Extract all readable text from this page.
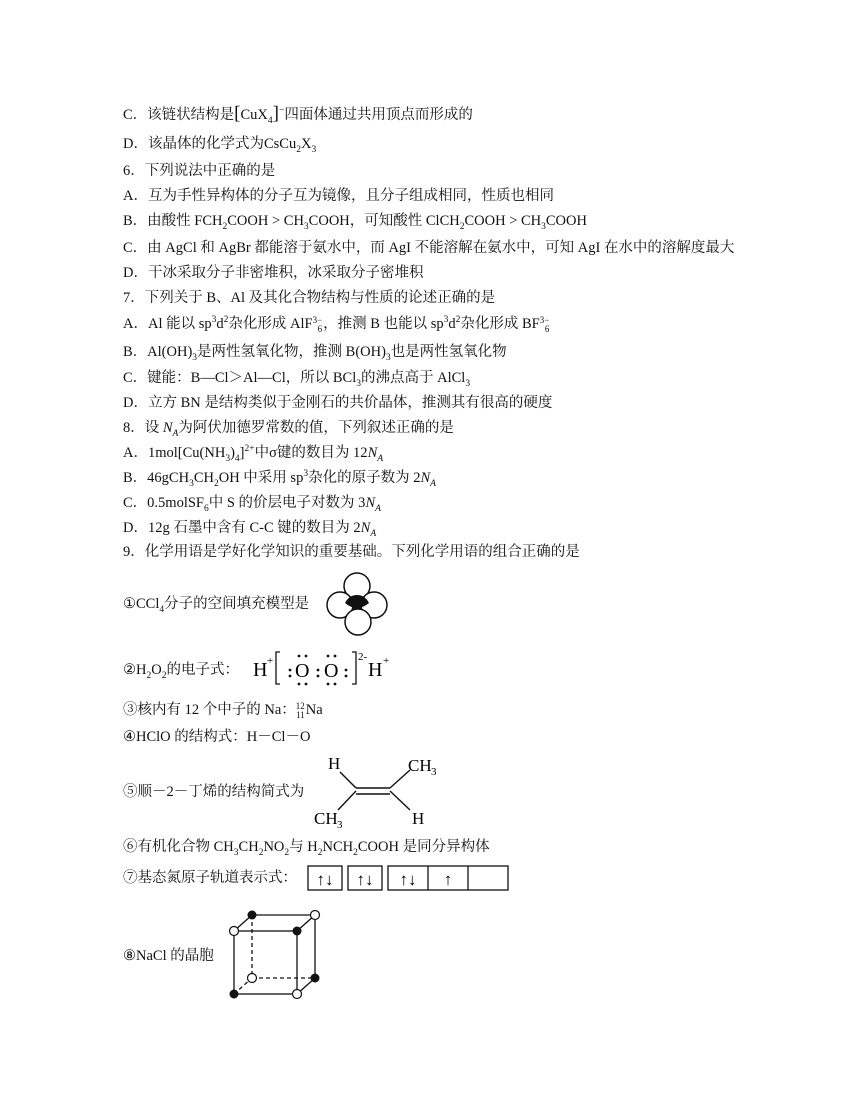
C．该链状结构是[CuX$_4$]−四面体通过共用顶点而形成的
D．该晶体的化学式为$CsCu_2X_3$
6．下列说法中正确的是
A．互为手性异构体的分子互为镜像，且分子组成相同，性质也相同
B．由酸性 $FCH_2COOH$ > $CH_3COOH$，可知酸性 ClCH$_2$COOH > $CH_3COOH$
C．由 AgCl 和 AgBr 都能溶于氨水中，而 AgI 不能溶解在氨水中，可知 AgI 在水中的溶解度最大
D．干冰采取分子非密堆积，冰采取分子密堆积
7．下列关于 B、Al 及其化合物结构与性质的论述正确的是
A．Al 能以 $sp^3d^2$杂化形成 AlF3−
6，推测 B 也能以 $sp^3d^2$杂化形成 BF3−
6
B．$Al(OH)_3$是两性氢氧化物，推测 $B(OH)_3$也是两性氢氧化物
C．键能：B—Cl＞Al—Cl，所以 BCl$_3$的沸点高于 AlCl$_3$
D．立方 BN 是结构类似于金刚石的共价晶体，推测其有很高的硬度
8．设 $N_A$为阿伏加德罗常数的值，下列叙述正确的是
A．$1mol[Cu(NH_3)_4]^{2+}$中σ键的数目为 $12N_A$
B．$46gCH_3CH_2OH$ 中采用 $sp^3$杂化的原子数为 $2N_A$
C．0.5molSF$_6$中 S 的价层电子对数为 $3N_A$
D．12g 石墨中含有 C-C 键的数目为 $2N_A$
9．化学用语是学好化学知识的重要基础。下列化学用语的组合正确的是
①CCl$_4$分子的空间填充模型是
$②H_2O_2$的电子式： H + O O
2-
H +
③核内有 12 个中子的 Na：12
11Na
④HClO 的结构式：H－Cl－O
⑤顺－2－丁烯的结构简式为
H	CH 3
CH 3	H
⑥有机化合物 $CH_3CH_2NO_2$与 $H_2NCH_2COOH$ 是同分异构体
⑦基态氮原子轨道表示式： ↑↓ ↑↓ ↑↓ ↑
⑧NaCl 的晶胞
